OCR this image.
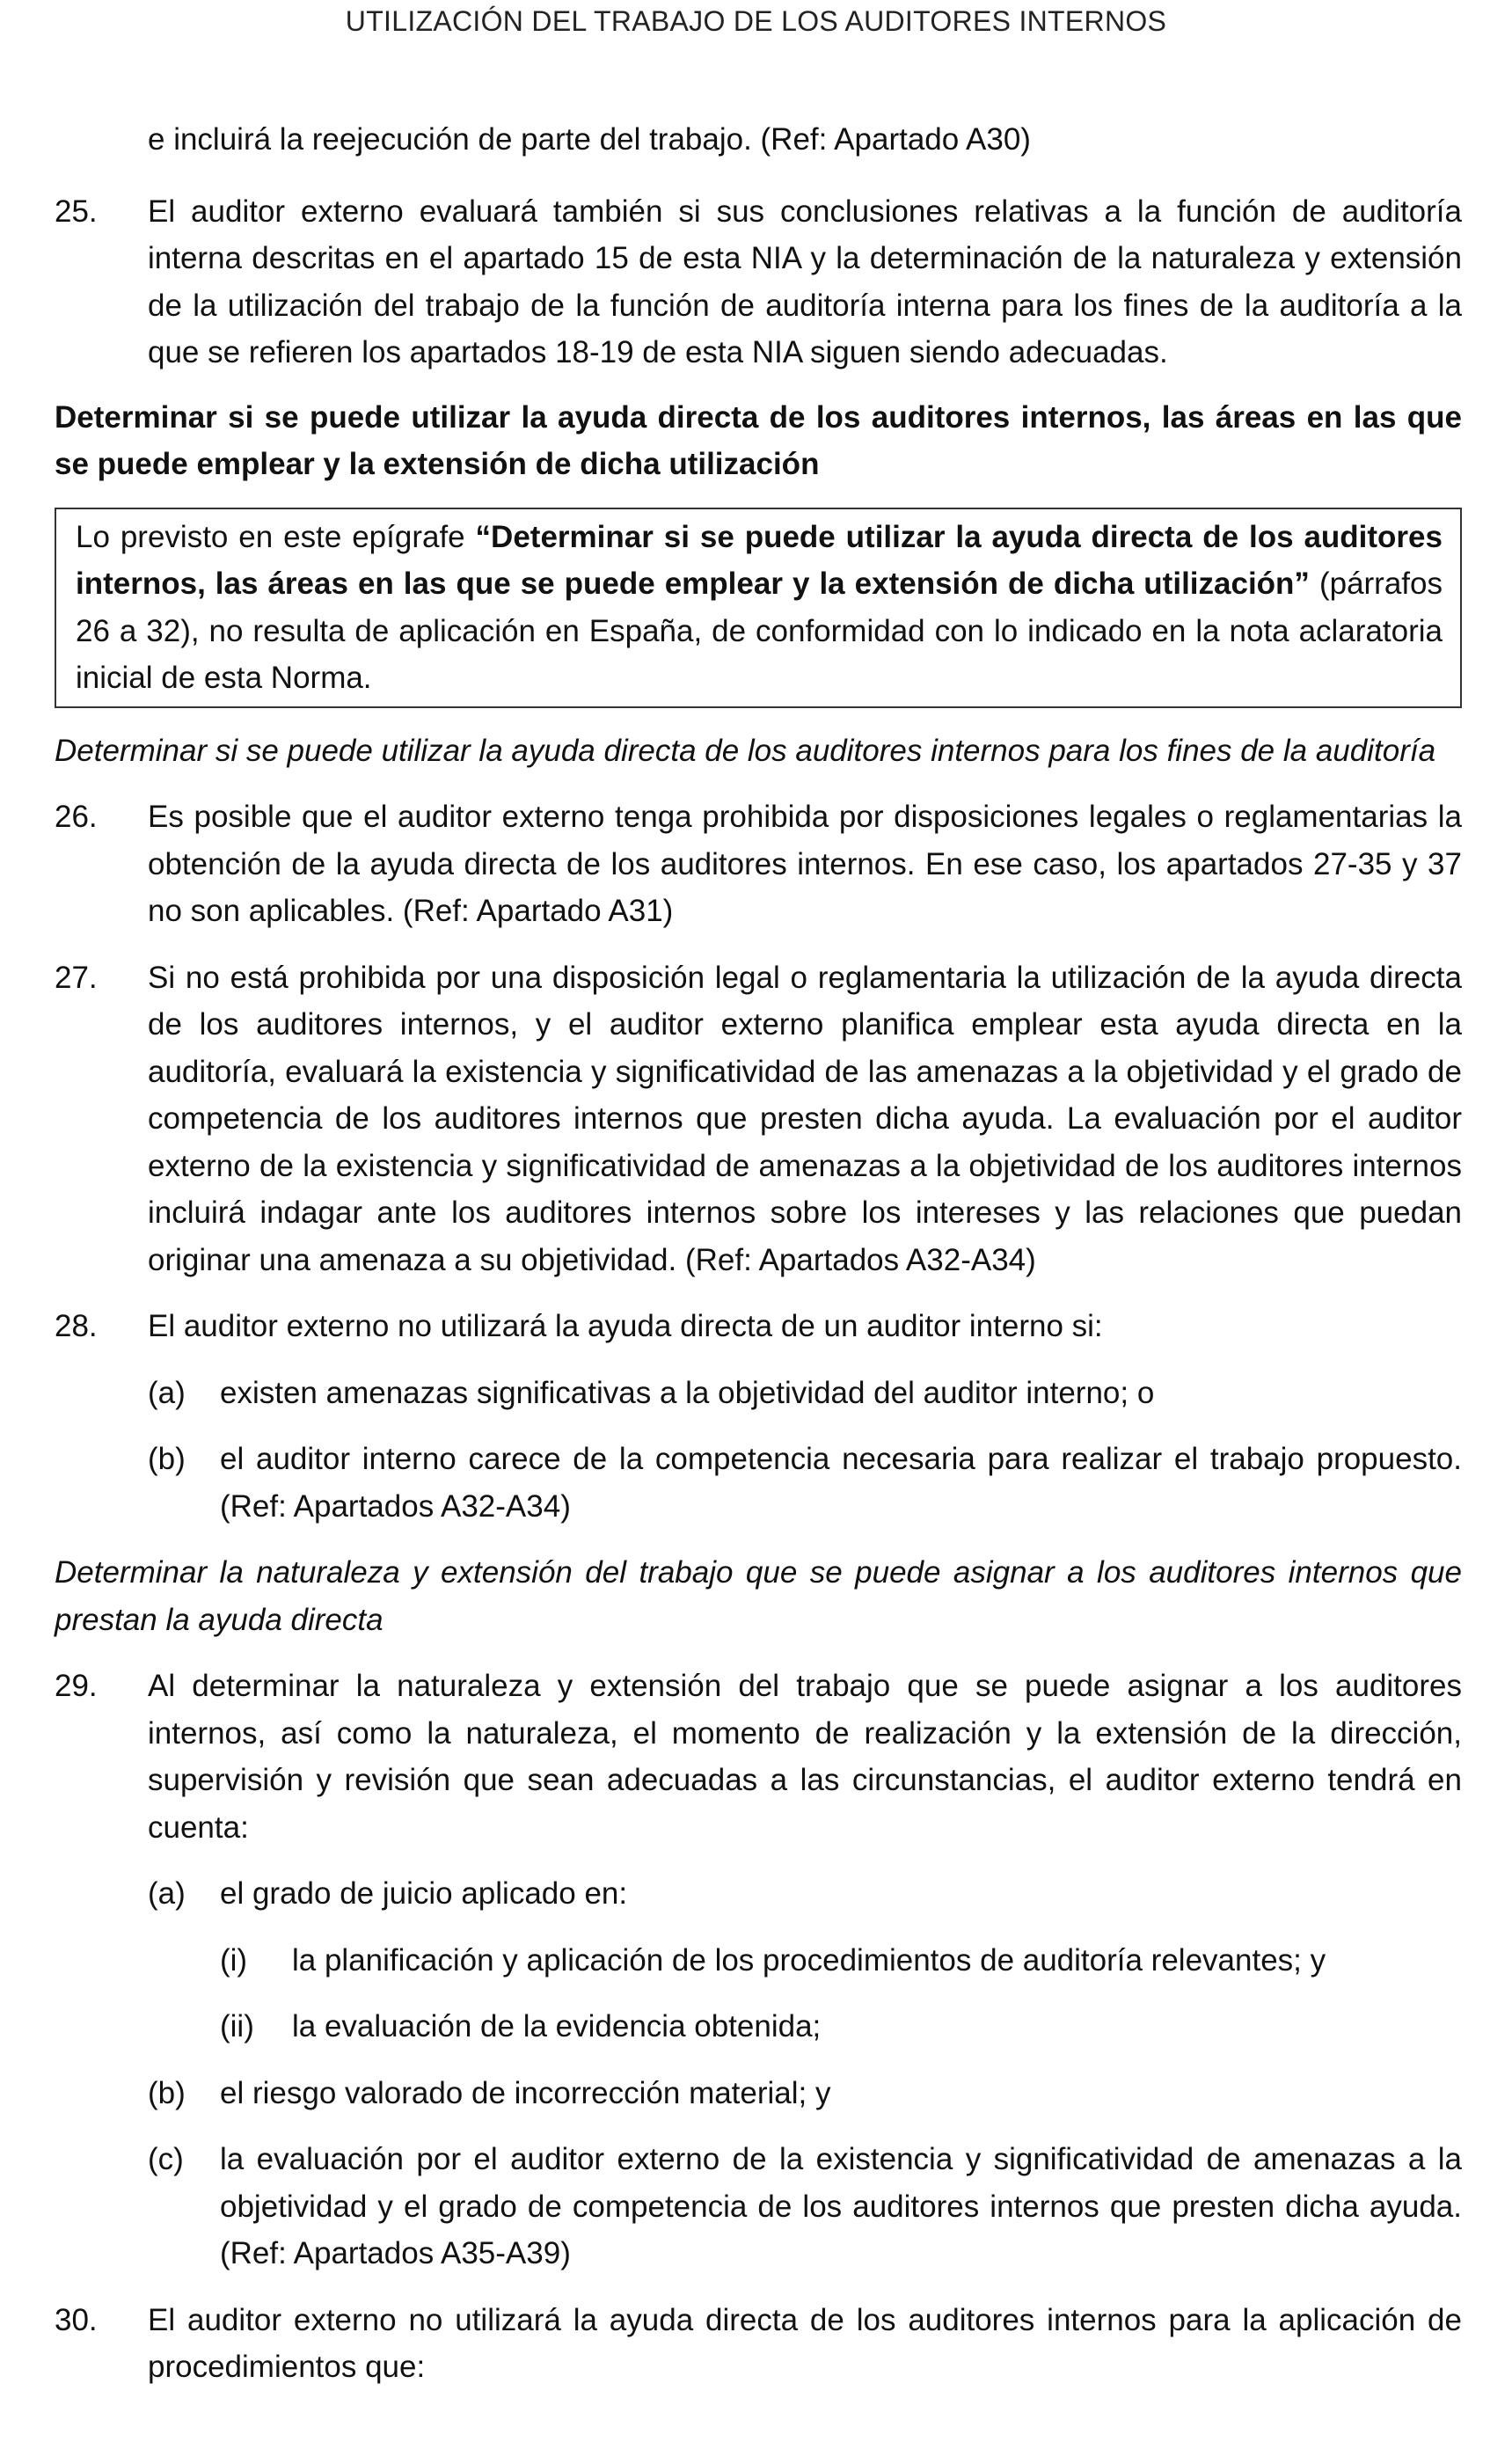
UTILIZACIÓN DEL TRABAJO DE LOS AUDITORES INTERNOS
e incluirá la reejecución de parte del trabajo. (Ref: Apartado A30)
25.	El auditor externo evaluará también si sus conclusiones relativas a la función de auditoría interna descritas en el apartado 15 de esta NIA y la determinación de la naturaleza y extensión de la utilización del trabajo de la función de auditoría interna para los fines de la auditoría a la que se refieren los apartados 18-19 de esta NIA siguen siendo adecuadas.

Determinar si se puede utilizar la ayuda directa de los auditores internos, las áreas en las que se puede emplear y la extensión de dicha utilización

Lo previsto en este epígrafe “Determinar si se puede utilizar la ayuda directa de los auditores internos, las áreas en las que se puede emplear y la extensión de dicha utilización” (párrafos 26 a 32), no resulta de aplicación en España, de conformidad con lo indicado en la nota aclaratoria inicial de esta Norma.

Determinar si se puede utilizar la ayuda directa de los auditores internos para los fines de la auditoría

26.	Es posible que el auditor externo tenga prohibida por disposiciones legales o reglamentarias la obtención de la ayuda directa de los auditores internos. En ese caso, los apartados 27-35 y 37 no son aplicables. (Ref: Apartado A31)
27.	Si no está prohibida por una disposición legal o reglamentaria la utilización de la ayuda directa de los auditores internos, y el auditor externo planifica emplear esta ayuda directa en la auditoría, evaluará la existencia y significatividad de las amenazas a la objetividad y el grado de competencia de los auditores internos que presten dicha ayuda. La evaluación por el auditor externo de la existencia y significatividad de amenazas a la objetividad de los auditores internos incluirá indagar ante los auditores internos sobre los intereses y las relaciones que puedan originar una amenaza a su objetividad. (Ref: Apartados A32-A34)
28.	El auditor externo no utilizará la ayuda directa de un auditor interno si:
(a)	existen amenazas significativas a la objetividad del auditor interno; o
(b)	el auditor interno carece de la competencia necesaria para realizar el trabajo propuesto. (Ref: Apartados A32-A34)

Determinar la naturaleza y extensión del trabajo que se puede asignar a los auditores internos que prestan la ayuda directa

29.	Al determinar la naturaleza y extensión del trabajo que se puede asignar a los auditores internos, así como la naturaleza, el momento de realización y la extensión de la dirección, supervisión y revisión que sean adecuadas a las circunstancias, el auditor externo tendrá en cuenta:
(a)	el grado de juicio aplicado en:
(i)	la planificación y aplicación de los procedimientos de auditoría relevantes; y
(ii)	la evaluación de la evidencia obtenida;
(b)	el riesgo valorado de incorrección material; y
(c)	la evaluación por el auditor externo de la existencia y significatividad de amenazas a la objetividad y el grado de competencia de los auditores internos que presten dicha ayuda. (Ref: Apartados A35-A39)
30.	El auditor externo no utilizará la ayuda directa de los auditores internos para la aplicación de procedimientos que:
